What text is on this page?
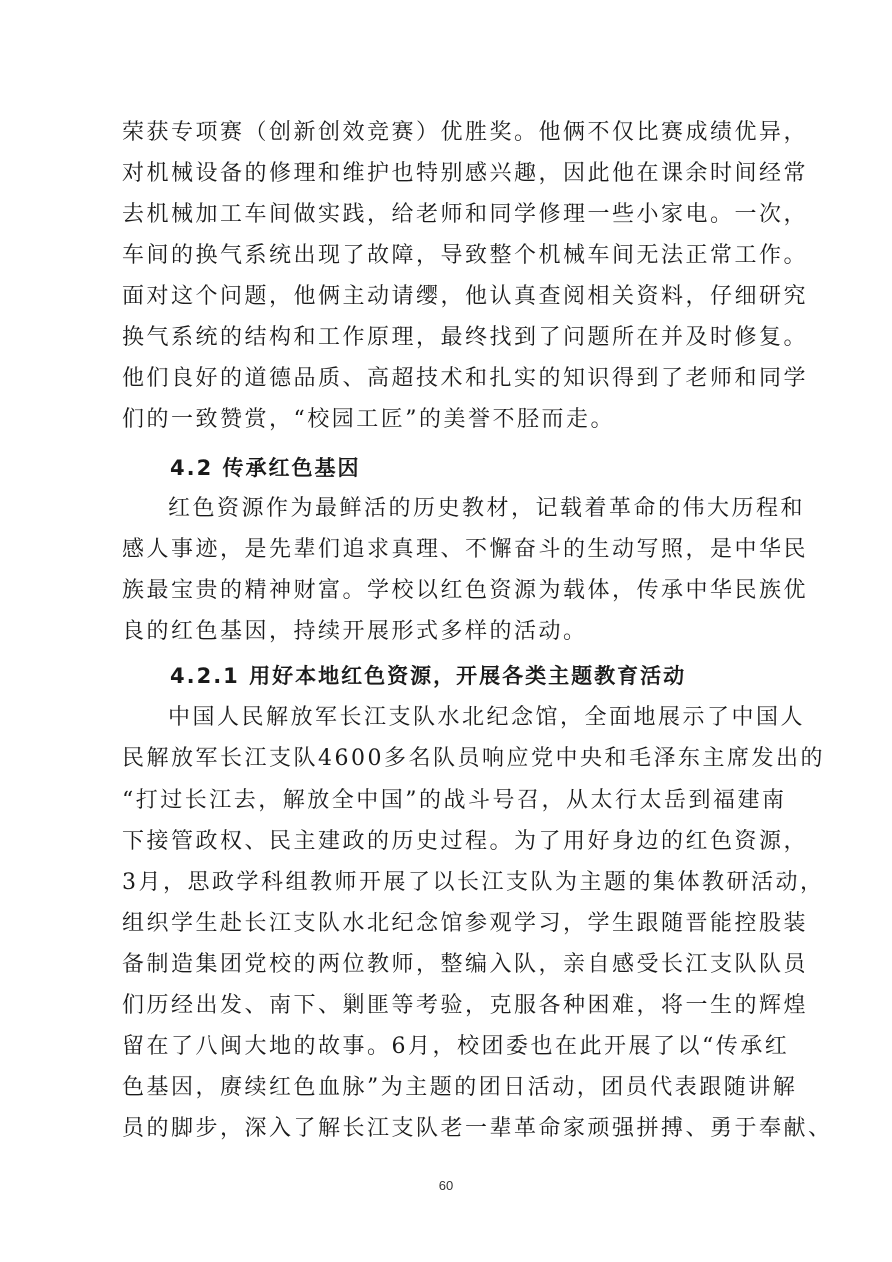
荣获专项赛（创新创效竞赛）优胜奖。他俩不仅比赛成绩优异，
对机械设备的修理和维护也特别感兴趣，因此他在课余时间经常
去机械加工车间做实践，给老师和同学修理一些小家电。一次，
车间的换气系统出现了故障，导致整个机械车间无法正常工作。
面对这个问题，他俩主动请缨，他认真查阅相关资料，仔细研究
换气系统的结构和工作原理，最终找到了问题所在并及时修复。
他们良好的道德品质、高超技术和扎实的知识得到了老师和同学
们的一致赞赏，“校园工匠”的美誉不胫而走。
4.2 传承红色基因
红色资源作为最鲜活的历史教材，记载着革命的伟大历程和
感人事迹，是先辈们追求真理、不懈奋斗的生动写照，是中华民
族最宝贵的精神财富。学校以红色资源为载体，传承中华民族优
良的红色基因，持续开展形式多样的活动。
4.2.1 用好本地红色资源，开展各类主题教育活动
中国人民解放军长江支队水北纪念馆，全面地展示了中国人
民解放军长江支队4600多名队员响应党中央和毛泽东主席发出的
“打过长江去，解放全中国”的战斗号召，从太行太岳到福建南
下接管政权、民主建政的历史过程。为了用好身边的红色资源，
3月，思政学科组教师开展了以长江支队为主题的集体教研活动，
组织学生赴长江支队水北纪念馆参观学习，学生跟随晋能控股装
备制造集团党校的两位教师，整编入队，亲自感受长江支队队员
们历经出发、南下、剿匪等考验，克服各种困难，将一生的辉煌
留在了八闽大地的故事。6月，校团委也在此开展了以“传承红
色基因，赓续红色血脉”为主题的团日活动，团员代表跟随讲解
员的脚步，深入了解长江支队老一辈革命家顽强拼搏、勇于奉献、
60
